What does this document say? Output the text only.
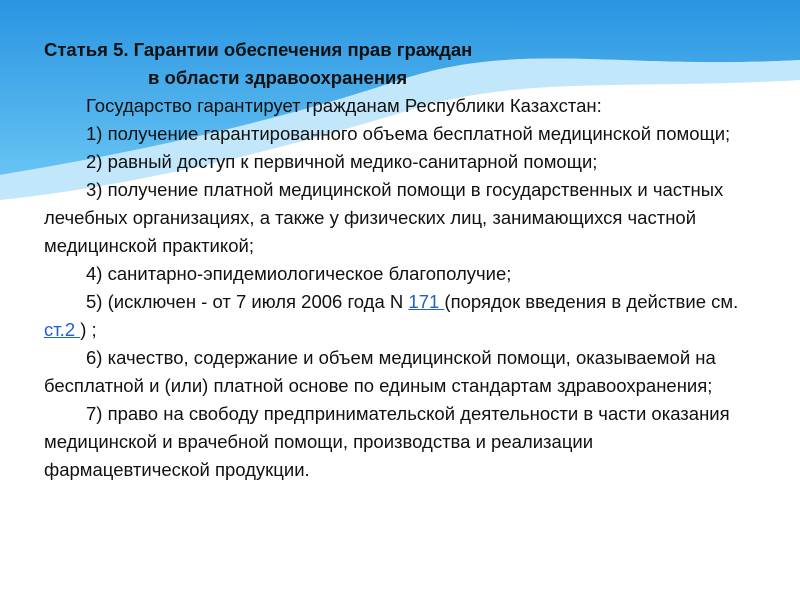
Статья 5. Гарантии обеспечения прав граждан
в области здравоохранения

Государство гарантирует гражданам Республики Казахстан:

1) получение гарантированного объема бесплатной медицинской помощи;

2) равный доступ к первичной медико-санитарной помощи;

3) получение платной медицинской помощи в государственных и частных лечебных организациях, а также у физических лиц, занимающихся частной медицинской практикой;

4) санитарно-эпидемиологическое благополучие;

5) (исключен - от 7 июля 2006 года N 171 (порядок введения в действие см. ст.2 ) ;

6) качество, содержание и объем медицинской помощи, оказываемой на бесплатной и (или) платной основе по единым стандартам здравоохранения;

7) право на свободу предпринимательской деятельности в части оказания медицинской и врачебной помощи, производства и реализации фармацевтической продукции.
